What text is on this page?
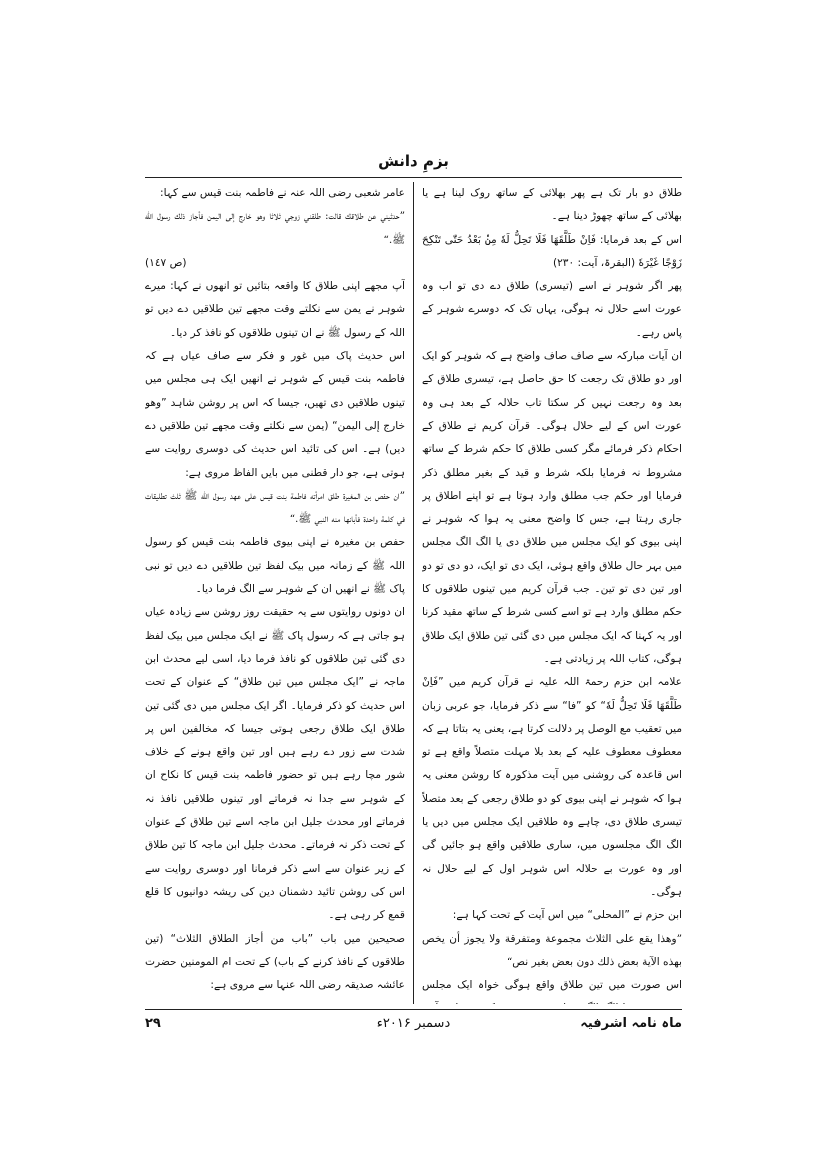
بزمِ دانش

طلاق دو بار تک ہے پھر بھلائی کے ساتھ روک لینا ہے یا بھلائی کے ساتھ چھوڑ دینا ہے۔

اس کے بعد فرمایا: فَاِنْ طَلَّقَهَا فَلَا تَحِلُّ لَهٗ مِنْۢ بَعْدُ حَتّٰی تَنْكِحَ زَوْجًا غَیْرَهٗ (البقرۃ، آیت: ۲۳۰)

پھر اگر شوہر نے اسے (تیسری) طلاق دے دی تو اب وہ عورت اسے حلال نہ ہوگی، یہاں تک کہ دوسرے شوہر کے پاس رہے۔

ان آیات مبارکہ سے صاف صاف واضح ہے کہ شوہر کو ایک اور دو طلاق تک رجعت کا حق حاصل ہے، تیسری طلاق کے بعد وہ رجعت نہیں کر سکتا تاب حلالہ کے بعد ہی وہ عورت اس کے لیے حلال ہوگی۔ قرآن کریم نے طلاق کے احکام ذکر فرمائے مگر کسی طلاق کا حکم شرط کے ساتھ مشروط نہ فرمایا بلکہ شرط و قید کے بغیر مطلق ذکر فرمایا اور حکم جب مطلق وارد ہوتا ہے تو اپنے اطلاق پر جاری رہتا ہے، جس کا واضح معنی یہ ہوا کہ شوہر نے اپنی بیوی کو ایک مجلس میں طلاق دی یا الگ الگ مجلس میں بہر حال طلاق واقع ہوئی، ایک دی تو ایک، دو دی تو دو اور تین دی تو تین۔ جب قرآن کریم میں تینوں طلاقوں کا حکم مطلق وارد ہے تو اسے کسی شرط کے ساتھ مقید کرنا اور یہ کہنا کہ ایک مجلس میں دی گئی تین طلاق ایک طلاق ہوگی، کتاب اللہ پر زیادتی ہے۔

علامہ ابن حزم رحمۃ اللہ علیہ نے قرآن کریم میں ”فَاِنْ طَلَّقَهَا فَلَا تَحِلُّ لَهٗ“ کو ”فا“ سے ذکر فرمایا، جو عربی زبان میں تعقیب مع الوصل پر دلالت کرتا ہے، یعنی یہ بتاتا ہے کہ معطوف معطوف علیہ کے بعد بلا مہلت متصلاً واقع ہے تو اس قاعدہ کی روشنی میں آیت مذکورہ کا روشن معنی یہ ہوا کہ شوہر نے اپنی بیوی کو دو طلاق رجعی کے بعد متصلاً تیسری طلاق دی، چاہے وہ طلاقیں ایک مجلس میں دیں یا الگ الگ مجلسوں میں، ساری طلاقیں واقع ہو جائیں گی اور وہ عورت بے حلالہ اس شوہر اول کے لیے حلال نہ ہوگی۔

ابن حزم نے ”المحلی“ میں اس آیت کے تحت کہا ہے:

”وهذا يقع على الثلاث مجموعة ومتفرقة ولا يجوز أن يخص بهذه الآية بعض ذلك دون بعض بغير نص“

اس صورت میں تین طلاق واقع ہوگی خواہ ایک مجلس

عامر شعبی رضی اللہ عنہ نے فاطمہ بنت قیس سے کہا:

”حدثيني عن طلاقك قالت: طلقني زوجي ثلاثا وهو خارج إلى اليمن فأجاز ذلك رسول الله ﷺ.“

(ص ١٤٧)

آپ مجھے اپنی طلاق کا واقعہ بتائیں تو انھوں نے کہا: میرے شوہر نے یمن سے نکلتے وقت مجھے تین طلاقیں دے دیں تو اللہ کے رسول ﷺ نے ان تینوں طلاقوں کو نافذ کر دیا۔

اس حدیث پاک میں غور و فکر سے صاف عیاں ہے کہ فاطمہ بنت قیس کے شوہر نے انھیں ایک ہی مجلس میں تینوں طلاقیں دی تھیں، جیسا کہ اس پر روشن شاہد ”وهو خارج إلى اليمن“ (یمن سے نکلتے وقت مجھے تین طلاقیں دے دیں) ہے۔ اس کی تائید اس حدیث کی دوسری روایت سے ہوتی ہے، جو دار قطنی میں بایں الفاظ مروی ہے:

”ان حفص بن المغيرة طلق امرأته فاطمة بنت قيس على عهد رسول الله ﷺ ثلث تطليقات في كلمة واحدة فأبانها منه النبي ﷺ.“

حفص بن مغیرہ نے اپنی بیوی فاطمہ بنت قیس کو رسول اللہ ﷺ کے زمانہ میں بیک لفظ تین طلاقیں دے دیں تو نبی پاک ﷺ نے انھیں ان کے شوہر سے الگ فرما دیا۔

ان دونوں روایتوں سے یہ حقیقت روز روشن سے زیادہ عیاں ہو جاتی ہے کہ رسول پاک ﷺ نے ایک مجلس میں بیک لفظ دی گئی تین طلاقوں کو نافذ فرما دیا، اسی لیے محدث ابن ماجہ نے ”ایک مجلس میں تین طلاق“ کے عنوان کے تحت اس حدیث کو ذکر فرمایا۔ اگر ایک مجلس میں دی گئی تین طلاق ایک طلاق رجعی ہوتی جیسا کہ مخالفین اس پر شدت سے زور دے رہے ہیں اور تین واقع ہونے کے خلاف شور مچا رہے ہیں تو حضور فاطمہ بنت قیس کا نکاح ان کے شوہر سے جدا نہ فرماتے اور تینوں طلاقیں نافذ نہ فرماتے اور محدث جلیل ابن ماجہ اسے تین طلاق کے عنوان کے تحت ذکر نہ فرماتے۔ محدث جلیل ابن ماجہ کا تین طلاق کے زیر عنوان سے اسے ذکر فرمانا اور دوسری روایت سے اس کی روشن تائید دشمنان دین کی ریشہ دوانیوں کا قلع قمع کر رہی ہے۔

صحیحین میں باب ”باب من أجاز الطلاق الثلاث“ (تین طلاقوں کے نافذ کرنے کے باب) کے تحت ام المومنین حضرت عائشہ صدیقہ رضی اللہ عنہا سے مروی ہے:

ماہ نامہ اشرفیہ
دسمبر ۲۰۱۶ء
۲۹
